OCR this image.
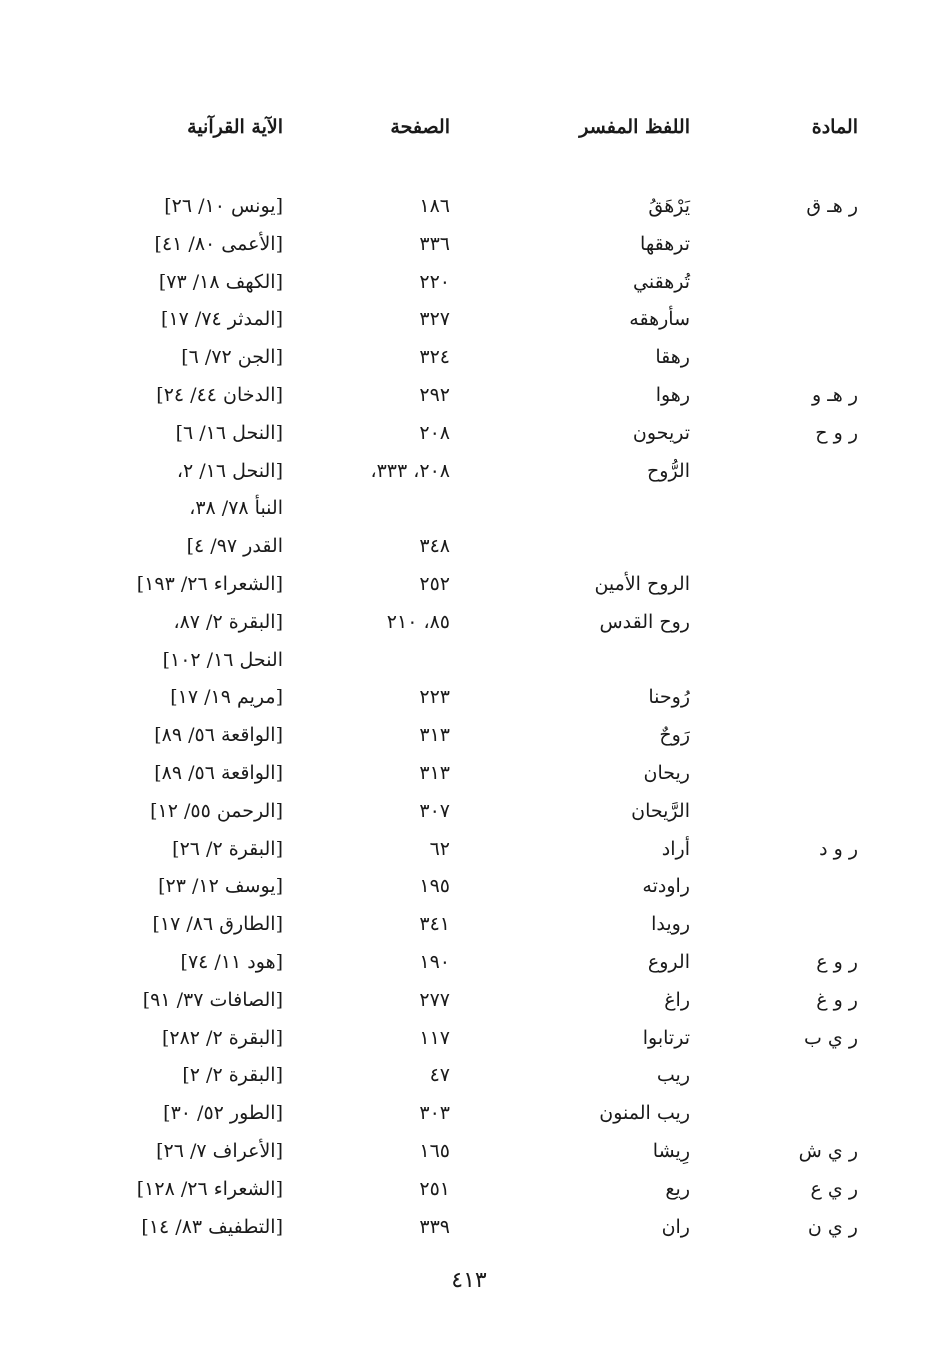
المادة
اللفظ المفسر
الصفحة
الآية القرآنية
ر هـ ق
يَرْهَقُ
١٨٦
[يونس ١٠/ ٢٦]
ترهقها
٣٣٦
[الأعمى ٨٠/ ٤١]
تُرهقني
٢٢٠
[الكهف ١٨/ ٧٣]
سأرهقه
٣٢٧
[المدثر ٧٤/ ١٧]
رهقا
٣٢٤
[الجن ٧٢/ ٦]
ر هـ و
رهوا
٢٩٢
[الدخان ٤٤/ ٢٤]
ر و ح
تريحون
٢٠٨
[النحل ١٦/ ٦]
الرُّوح
٢٠٨، ٣٣٣،
[النحل ١٦/ ٢،
النبأ ٧٨/ ٣٨،
٣٤٨
القدر ٩٧/ ٤]
الروح الأمين
٢٥٢
[الشعراء ٢٦/ ١٩٣]
روح القدس
٨٥، ٢١٠
[البقرة ٢/ ٨٧،
النحل ١٦/ ١٠٢]
رُوحنا
٢٢٣
[مريم ١٩/ ١٧]
رَوحٌ
٣١٣
[الواقعة ٥٦/ ٨٩]
ريحان
٣١٣
[الواقعة ٥٦/ ٨٩]
الرَّيحان
٣٠٧
[الرحمن ٥٥/ ١٢]
ر و د
أراد
٦٢
[البقرة ٢/ ٢٦]
راودته
١٩٥
[يوسف ١٢/ ٢٣]
رويدا
٣٤١
[الطارق ٨٦/ ١٧]
ر و ع
الروع
١٩٠
[هود ١١/ ٧٤]
ر و غ
راغ
٢٧٧
[الصافات ٣٧/ ٩١]
ر ي ب
ترتابوا
١١٧
[البقرة ٢/ ٢٨٢]
ريب
٤٧
[البقرة ٢/ ٢]
ريب المنون
٣٠٣
[الطور ٥٢/ ٣٠]
ر ي ش
رِيشا
١٦٥
[الأعراف ٧/ ٢٦]
ر ي ع
ريع
٢٥١
[الشعراء ٢٦/ ١٢٨]
ر ي ن
ران
٣٣٩
[التطفيف ٨٣/ ١٤]
٤١٣
